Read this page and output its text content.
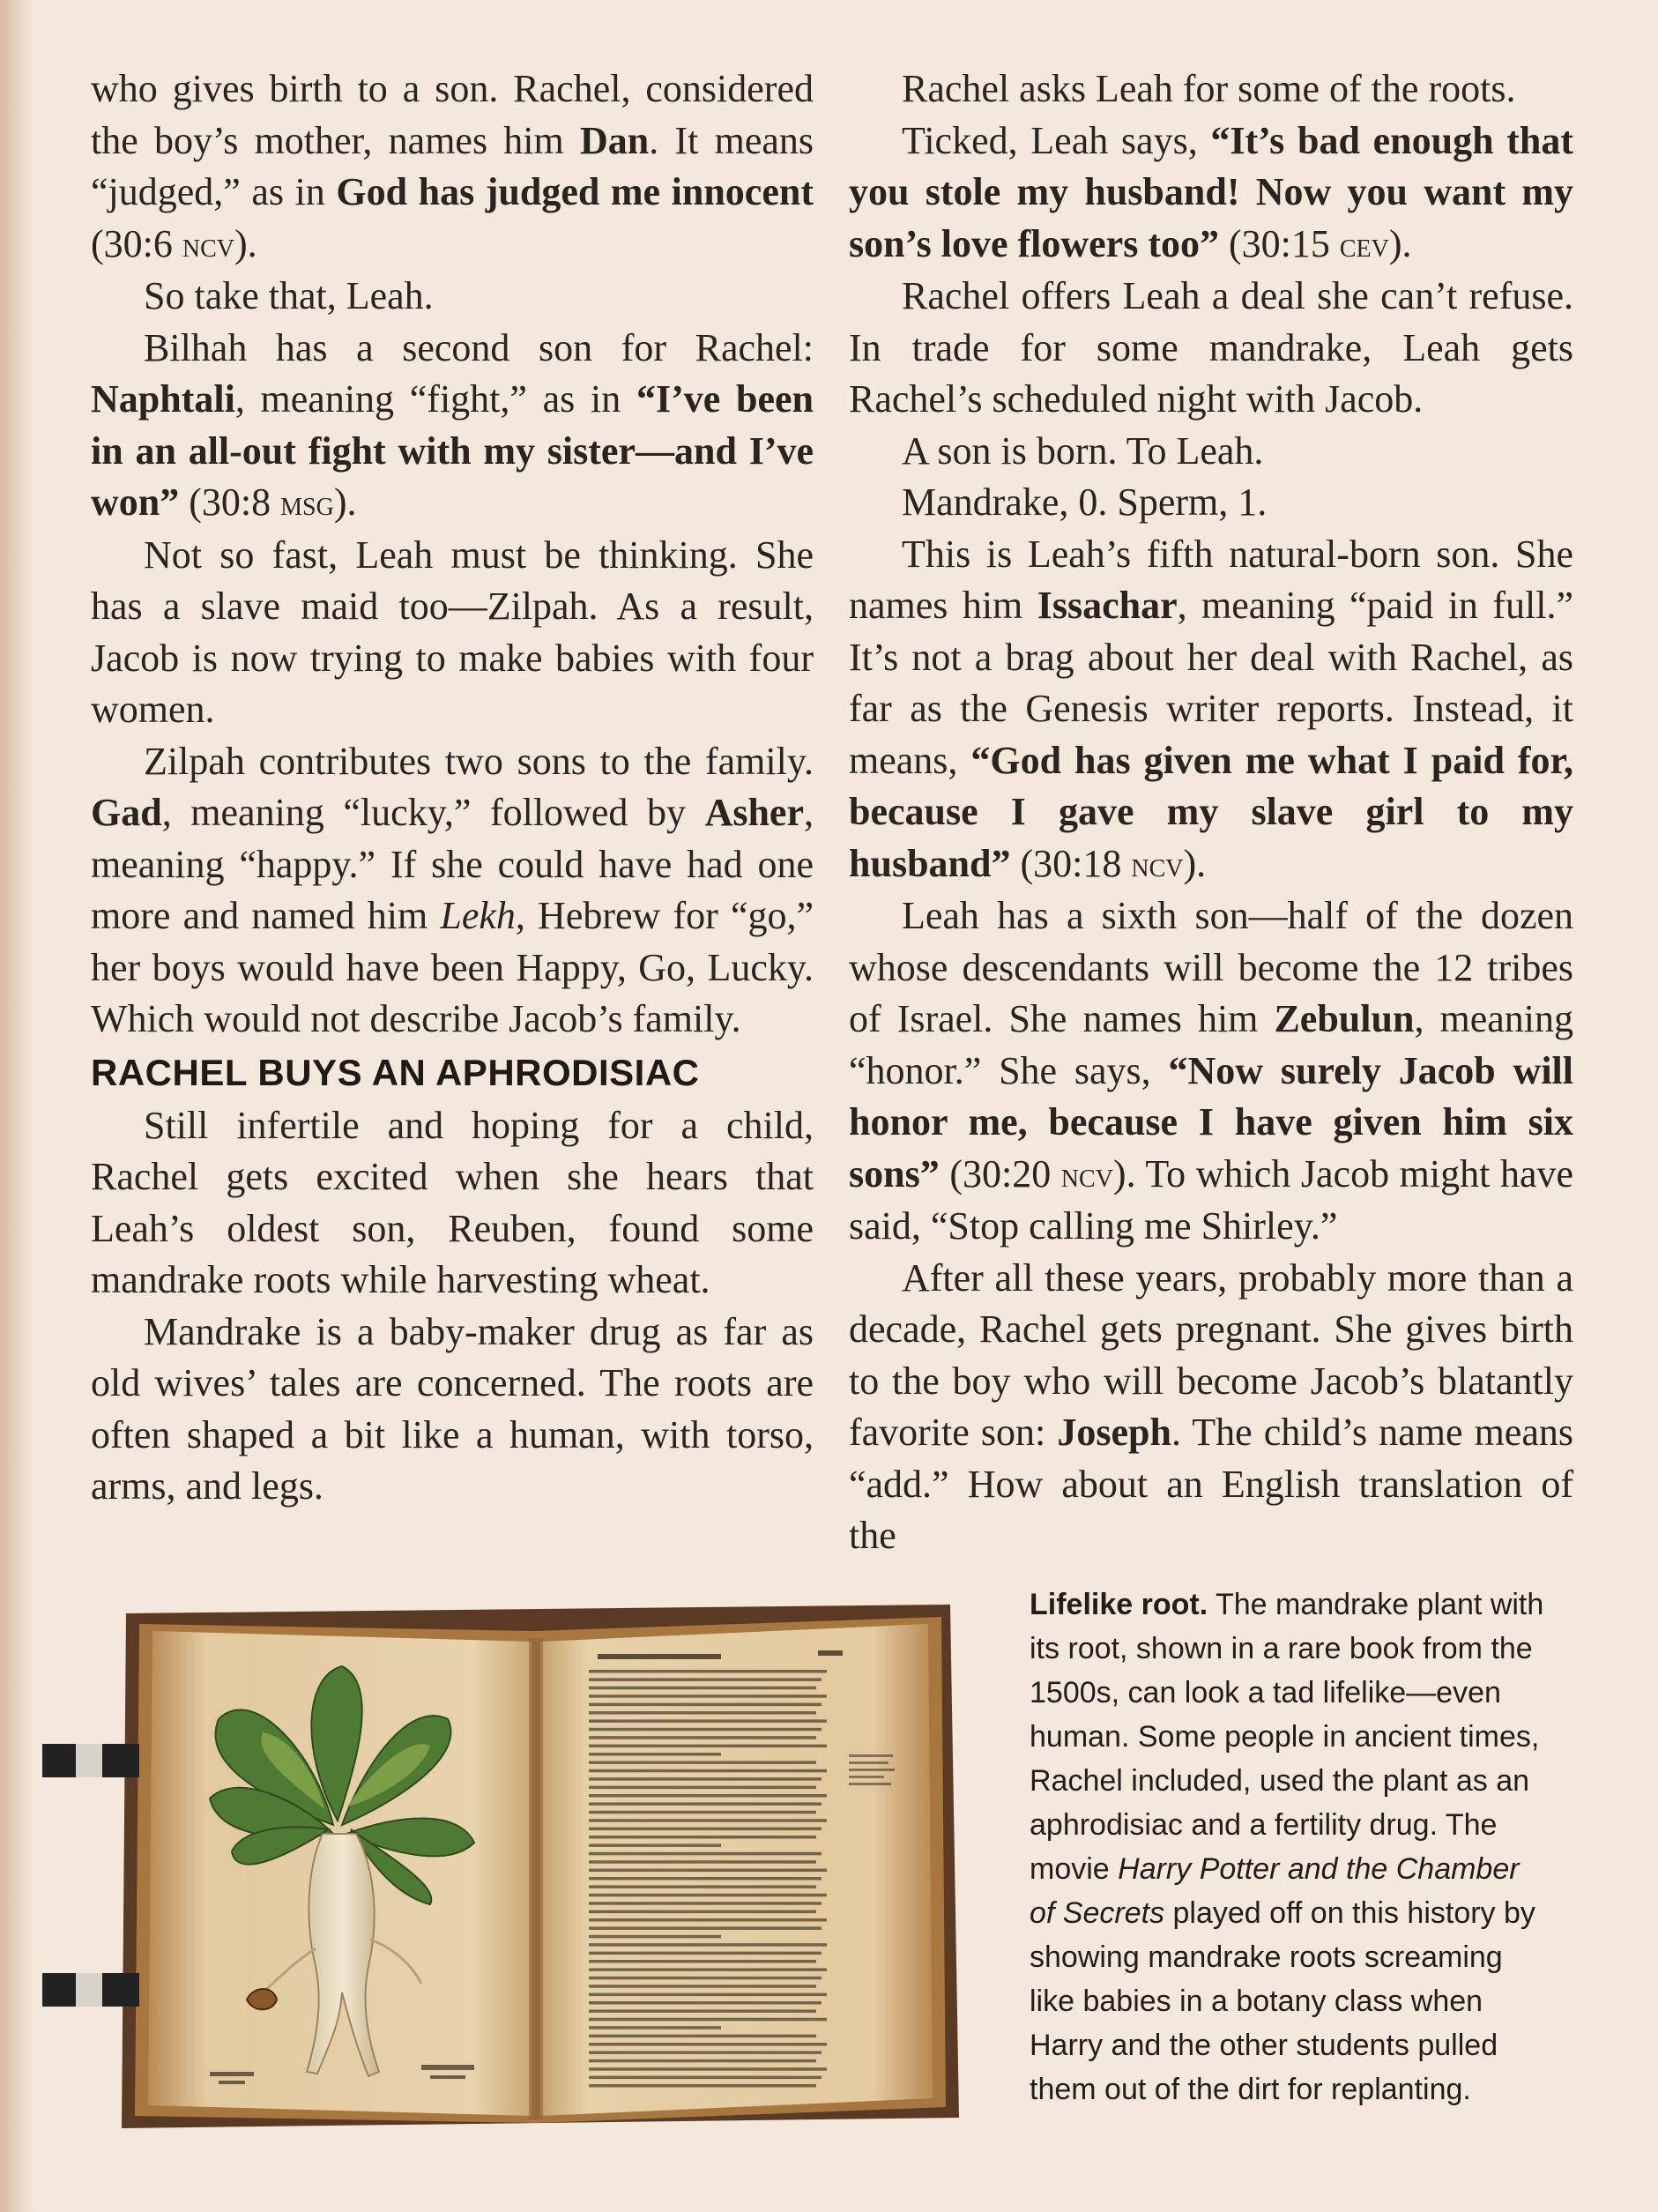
who gives birth to a son. Rachel, considered the boy’s mother, names him Dan. It means “judged,” as in God has judged me innocent (30:6 ncv).

So take that, Leah.

Bilhah has a second son for Rachel: Naphtali, meaning “fight,” as in “I’ve been in an all-out fight with my sister—and I’ve won” (30:8 msg).

Not so fast, Leah must be thinking. She has a slave maid too—Zilpah. As a result, Jacob is now trying to make babies with four women.

Zilpah contributes two sons to the family. Gad, meaning “lucky,” followed by Asher, meaning “happy.” If she could have had one more and named him Lekh, Hebrew for “go,” her boys would have been Happy, Go, Lucky. Which would not describe Jacob’s family.

RACHEL BUYS AN APHRODISIAC

Still infertile and hoping for a child, Rachel gets excited when she hears that Leah’s oldest son, Reuben, found some mandrake roots while harvesting wheat.

Mandrake is a baby-maker drug as far as old wives’ tales are concerned. The roots are often shaped a bit like a human, with torso, arms, and legs.

Rachel asks Leah for some of the roots.

Ticked, Leah says, “It’s bad enough that you stole my husband! Now you want my son’s love flowers too” (30:15 cev).

Rachel offers Leah a deal she can’t refuse. In trade for some mandrake, Leah gets Rachel’s scheduled night with Jacob.

A son is born. To Leah.

Mandrake, 0. Sperm, 1.

This is Leah’s fifth natural-born son. She names him Issachar, meaning “paid in full.” It’s not a brag about her deal with Rachel, as far as the Genesis writer reports. Instead, it means, “God has given me what I paid for, because I gave my slave girl to my husband” (30:18 ncv).

Leah has a sixth son—half of the dozen whose descendants will become the 12 tribes of Israel. She names him Zebulun, meaning “honor.” She says, “Now surely Jacob will honor me, because I have given him six sons” (30:20 ncv). To which Jacob might have said, “Stop calling me Shirley.”

After all these years, probably more than a decade, Rachel gets pregnant. She gives birth to the boy who will become Jacob’s blatantly favorite son: Joseph. The child’s name means “add.” How about an English translation of the

Lifelike root. The mandrake plant with its root, shown in a rare book from the 1500s, can look a tad lifelike—even human. Some people in ancient times, Rachel included, used the plant as an aphrodisiac and a fertility drug. The movie Harry Potter and the Chamber of Secrets played off on this history by showing mandrake roots screaming like babies in a botany class when Harry and the other students pulled them out of the dirt for replanting.
